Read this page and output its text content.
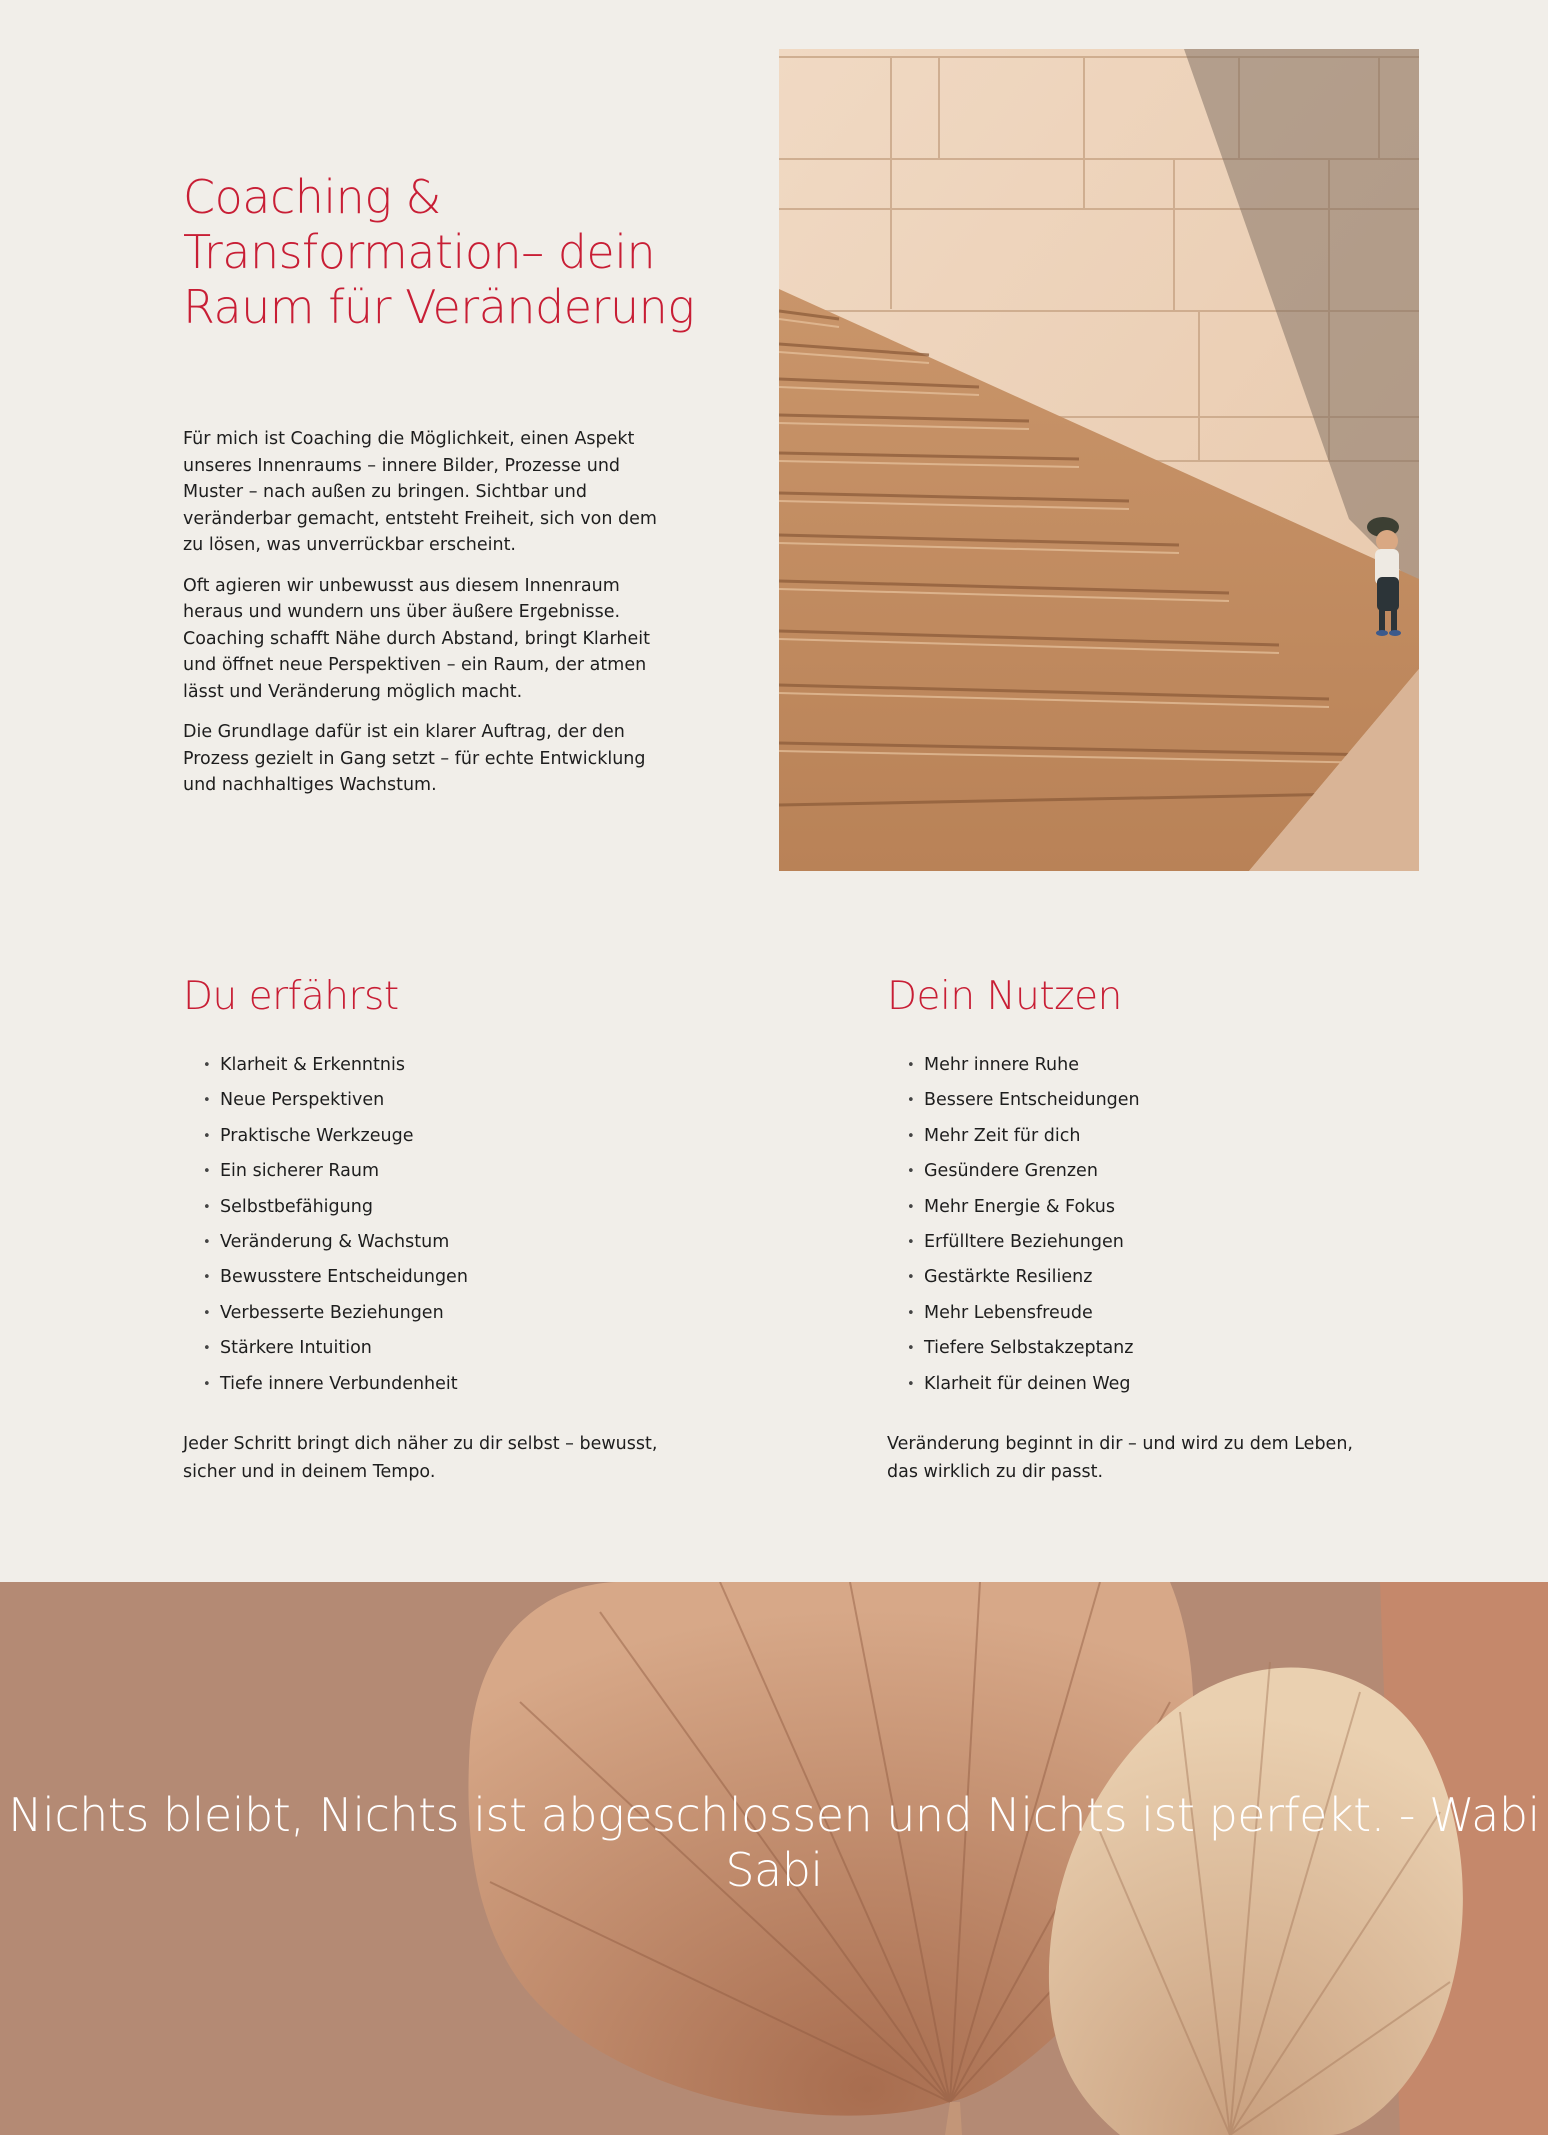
Coaching & Transformation– dein Raum für Veränderung

Für mich ist Coaching die Möglichkeit, einen Aspekt unseres Innenraums – innere Bilder, Prozesse und Muster – nach außen zu bringen. Sichtbar und veränderbar gemacht, entsteht Freiheit, sich von dem zu lösen, was unverrückbar erscheint.

Oft agieren wir unbewusst aus diesem Innenraum heraus und wundern uns über äußere Ergebnisse. Coaching schafft Nähe durch Abstand, bringt Klarheit und öffnet neue Perspektiven – ein Raum, der atmen lässt und Veränderung möglich macht.

Die Grundlage dafür ist ein klarer Auftrag, der den Prozess gezielt in Gang setzt – für echte Entwicklung und nachhaltiges Wachstum.

Du erfährst
• Klarheit & Erkenntnis
• Neue Perspektiven
• Praktische Werkzeuge
• Ein sicherer Raum
• Selbstbefähigung
• Veränderung & Wachstum
• Bewusstere Entscheidungen
• Verbesserte Beziehungen
• Stärkere Intuition
• Tiefe innere Verbundenheit

Jeder Schritt bringt dich näher zu dir selbst – bewusst, sicher und in deinem Tempo.

Dein Nutzen
• Mehr innere Ruhe
• Bessere Entscheidungen
• Mehr Zeit für dich
• Gesündere Grenzen
• Mehr Energie & Fokus
• Erfülltere Beziehungen
• Gestärkte Resilienz
• Mehr Lebensfreude
• Tiefere Selbstakzeptanz
• Klarheit für deinen Weg

Veränderung beginnt in dir – und wird zu dem Leben, das wirklich zu dir passt.

Nichts bleibt, Nichts ist abgeschlossen und Nichts ist perfekt. - Wabi Sabi
